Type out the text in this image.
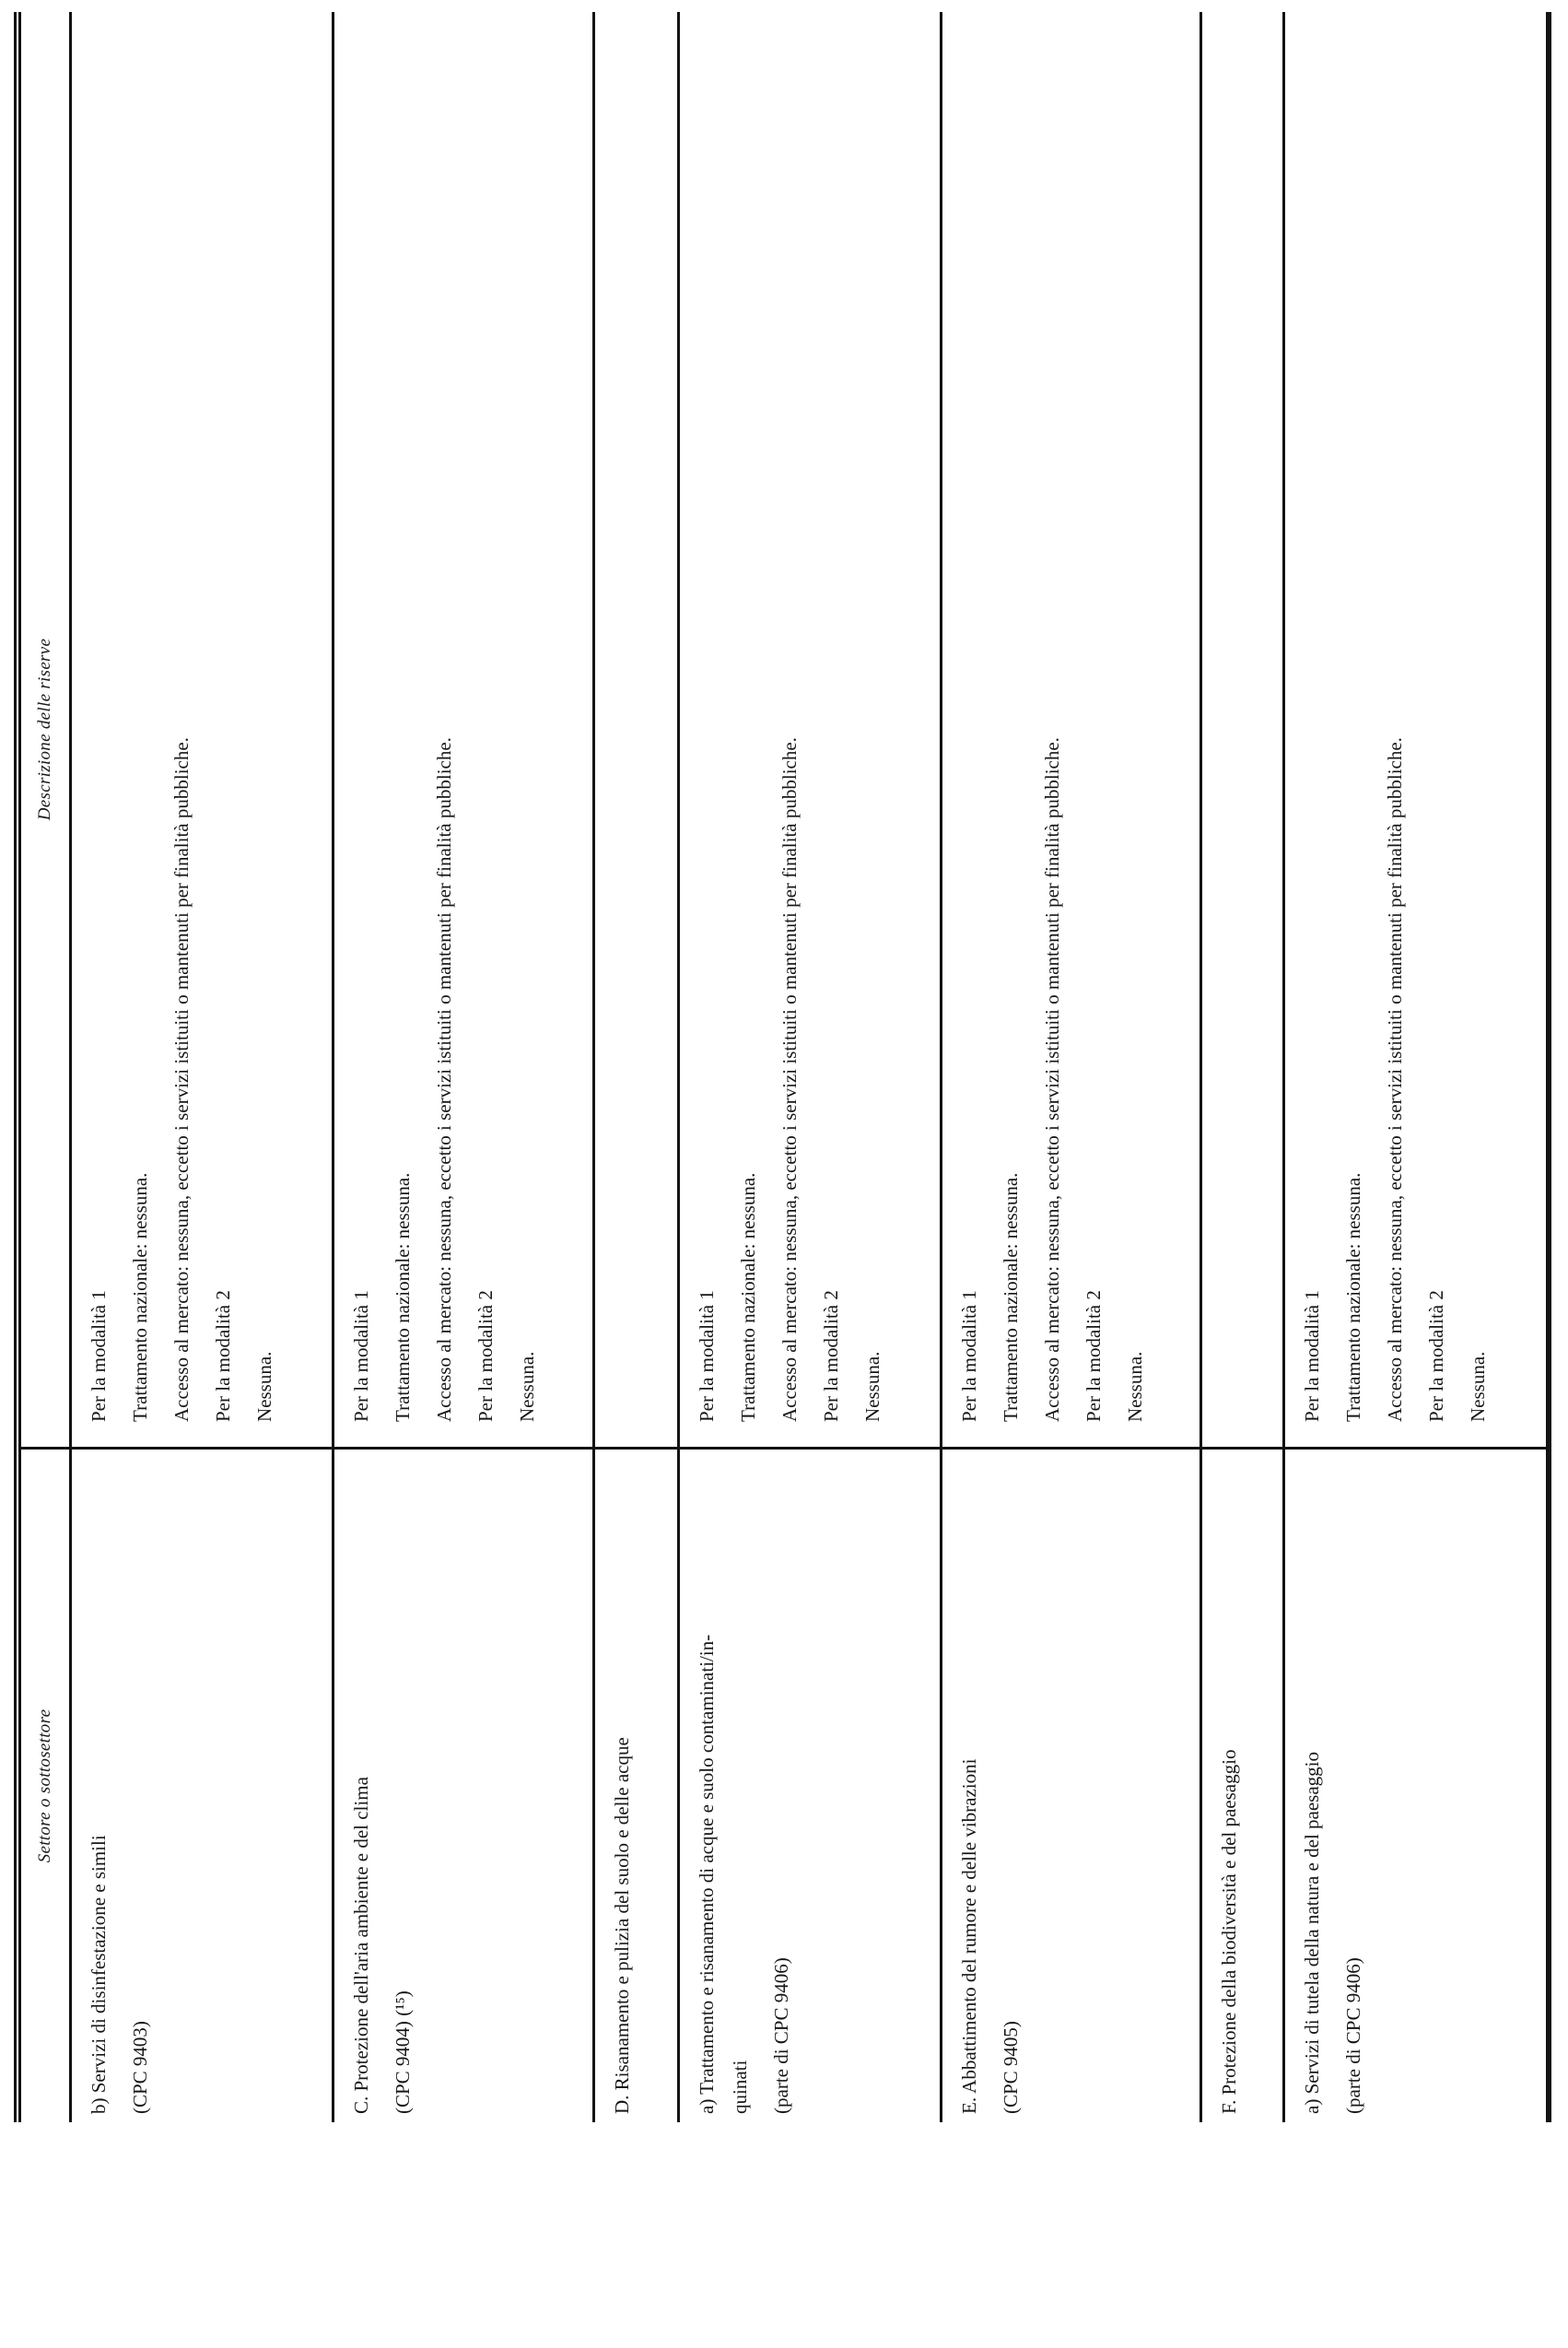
Settore o sottosettore
Descrizione delle riserve
b) Servizi di disinfestazione e simili (CPC 9403)
Per la modalità 1 Trattamento nazionale: nessuna. Accesso al mercato: nessuna, eccetto i servizi istituiti o mantenuti per finalità pubbliche. Per la modalità 2 Nessuna.
C. Protezione dell'aria ambiente e del clima (CPC 9404) (¹⁵)
Per la modalità 1 Trattamento nazionale: nessuna. Accesso al mercato: nessuna, eccetto i servizi istituiti o mantenuti per finalità pubbliche. Per la modalità 2 Nessuna.
D. Risanamento e pulizia del suolo e delle acque	a) Trattamento e risanamento di acque e suolo contaminati/in- quinati (parte di CPC 9406)
Per la modalità 1 Trattamento nazionale: nessuna. Accesso al mercato: nessuna, eccetto i servizi istituiti o mantenuti per finalità pubbliche. Per la modalità 2 Nessuna.
E. Abbattimento del rumore e delle vibrazioni (CPC 9405)
Per la modalità 1 Trattamento nazionale: nessuna. Accesso al mercato: nessuna, eccetto i servizi istituiti o mantenuti per finalità pubbliche. Per la modalità 2 Nessuna.
F. Protezione della biodiversità e del paesaggio	a) Servizi di tutela della natura e del paesaggio (parte di CPC 9406)
Per la modalità 1 Trattamento nazionale: nessuna. Accesso al mercato: nessuna, eccetto i servizi istituiti o mantenuti per finalità pubbliche. Per la modalità 2 Nessuna.
